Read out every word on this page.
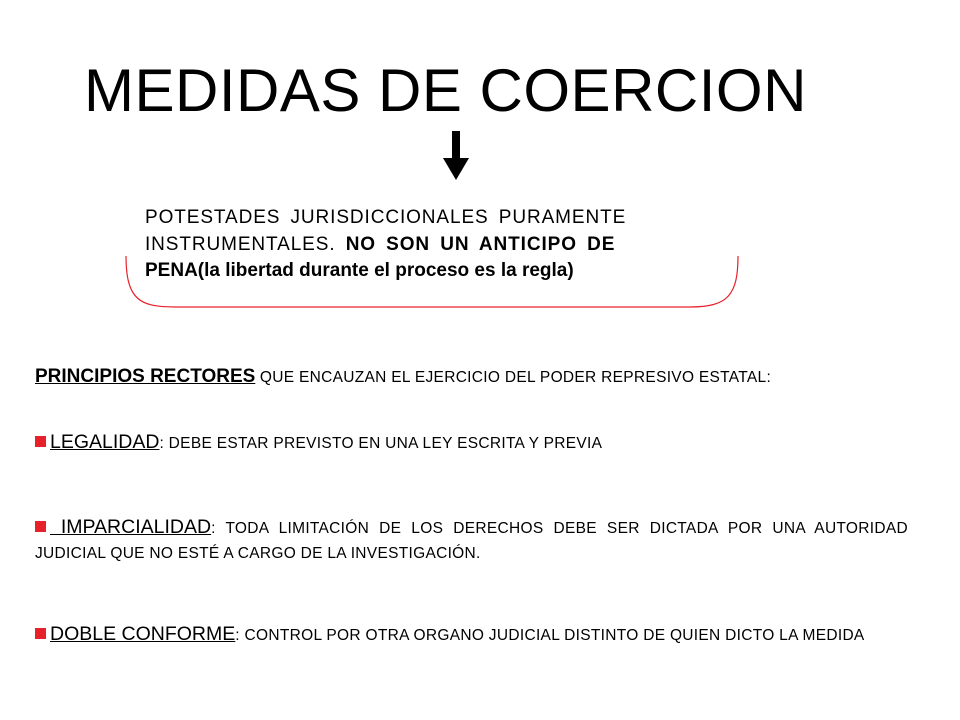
MEDIDAS DE COERCION
POTESTADES JURISDICCIONALES PURAMENTE
INSTRUMENTALES. NO SON UN ANTICIPO DE
PENA(la libertad durante el proceso es la regla)
PRINCIPIOS RECTORES QUE ENCAUZAN EL EJERCICIO DEL PODER REPRESIVO ESTATAL:
LEGALIDAD: DEBE ESTAR PREVISTO EN UNA LEY ESCRITA Y PREVIA
IMPARCIALIDAD: TODA LIMITACIÓN DE LOS DERECHOS DEBE SER DICTADA POR UNA AUTORIDAD JUDICIAL QUE NO ESTÉ A CARGO DE LA INVESTIGACIÓN.
DOBLE CONFORME: CONTROL POR OTRA ORGANO JUDICIAL DISTINTO DE QUIEN DICTO LA MEDIDA
